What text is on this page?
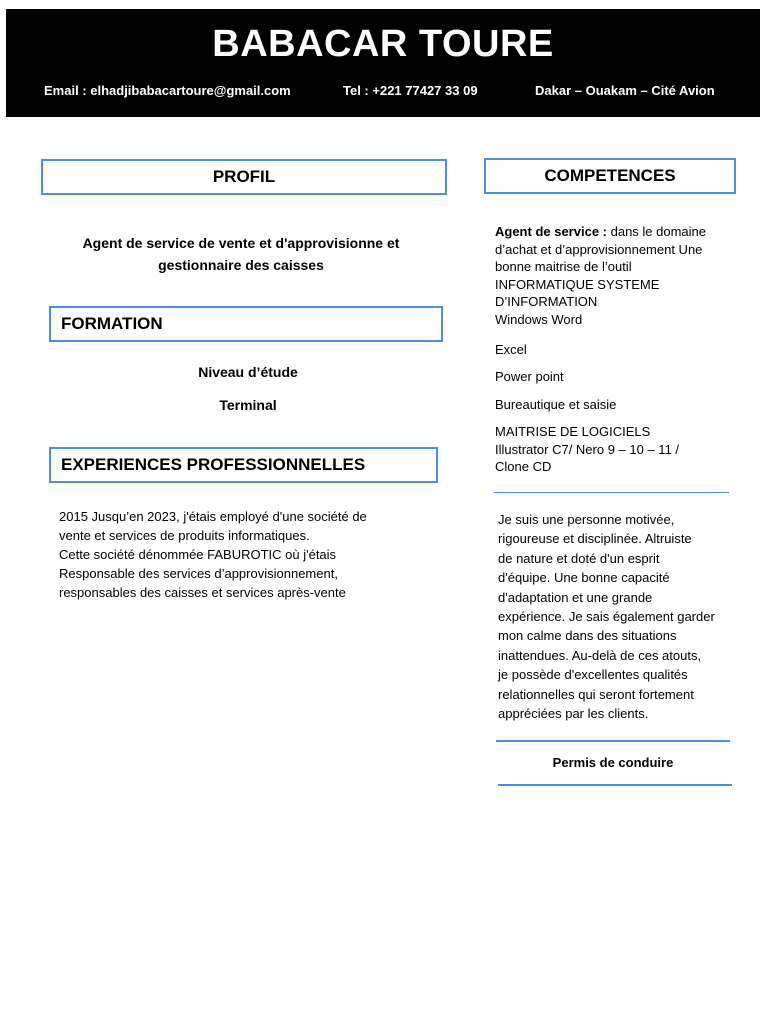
BABACAR TOURE
Email : elhadjibabacartoure@gmail.com	Tel : +221 77427 33 09	Dakar – Ouakam – Cité Avion
PROFIL
Agent de service de vente et d'approvisionne et
gestionnaire des caisses
FORMATION
Niveau d’étude
Terminal
EXPERIENCES PROFESSIONNELLES
2015 Jusqu’en 2023, j'étais employé d'une société de
vente et services de produits informatiques.
Cette société dénommée FABUROTIC où j'étais
Responsable des services d’approvisionnement,
responsables des caisses et services après-vente
COMPETENCES
Agent de service : dans le domaine
d’achat et d’approvisionnement Une
bonne maitrise de l’outil
INFORMATIQUE SYSTEME
D’INFORMATION
Windows Word
Excel
Power point
Bureautique et saisie
MAITRISE DE LOGICIELS
Illustrator C7/ Nero 9 – 10 – 11 /
Clone CD
Je suis une personne motivée,
rigoureuse et disciplinée. Altruiste
de nature et doté d'un esprit
d'équipe. Une bonne capacité
d'adaptation et une grande
expérience. Je sais également garder
mon calme dans des situations
inattendues. Au-delà de ces atouts,
je possède d'excellentes qualités
relationnelles qui seront fortement
appréciées par les clients.
Permis de conduire
